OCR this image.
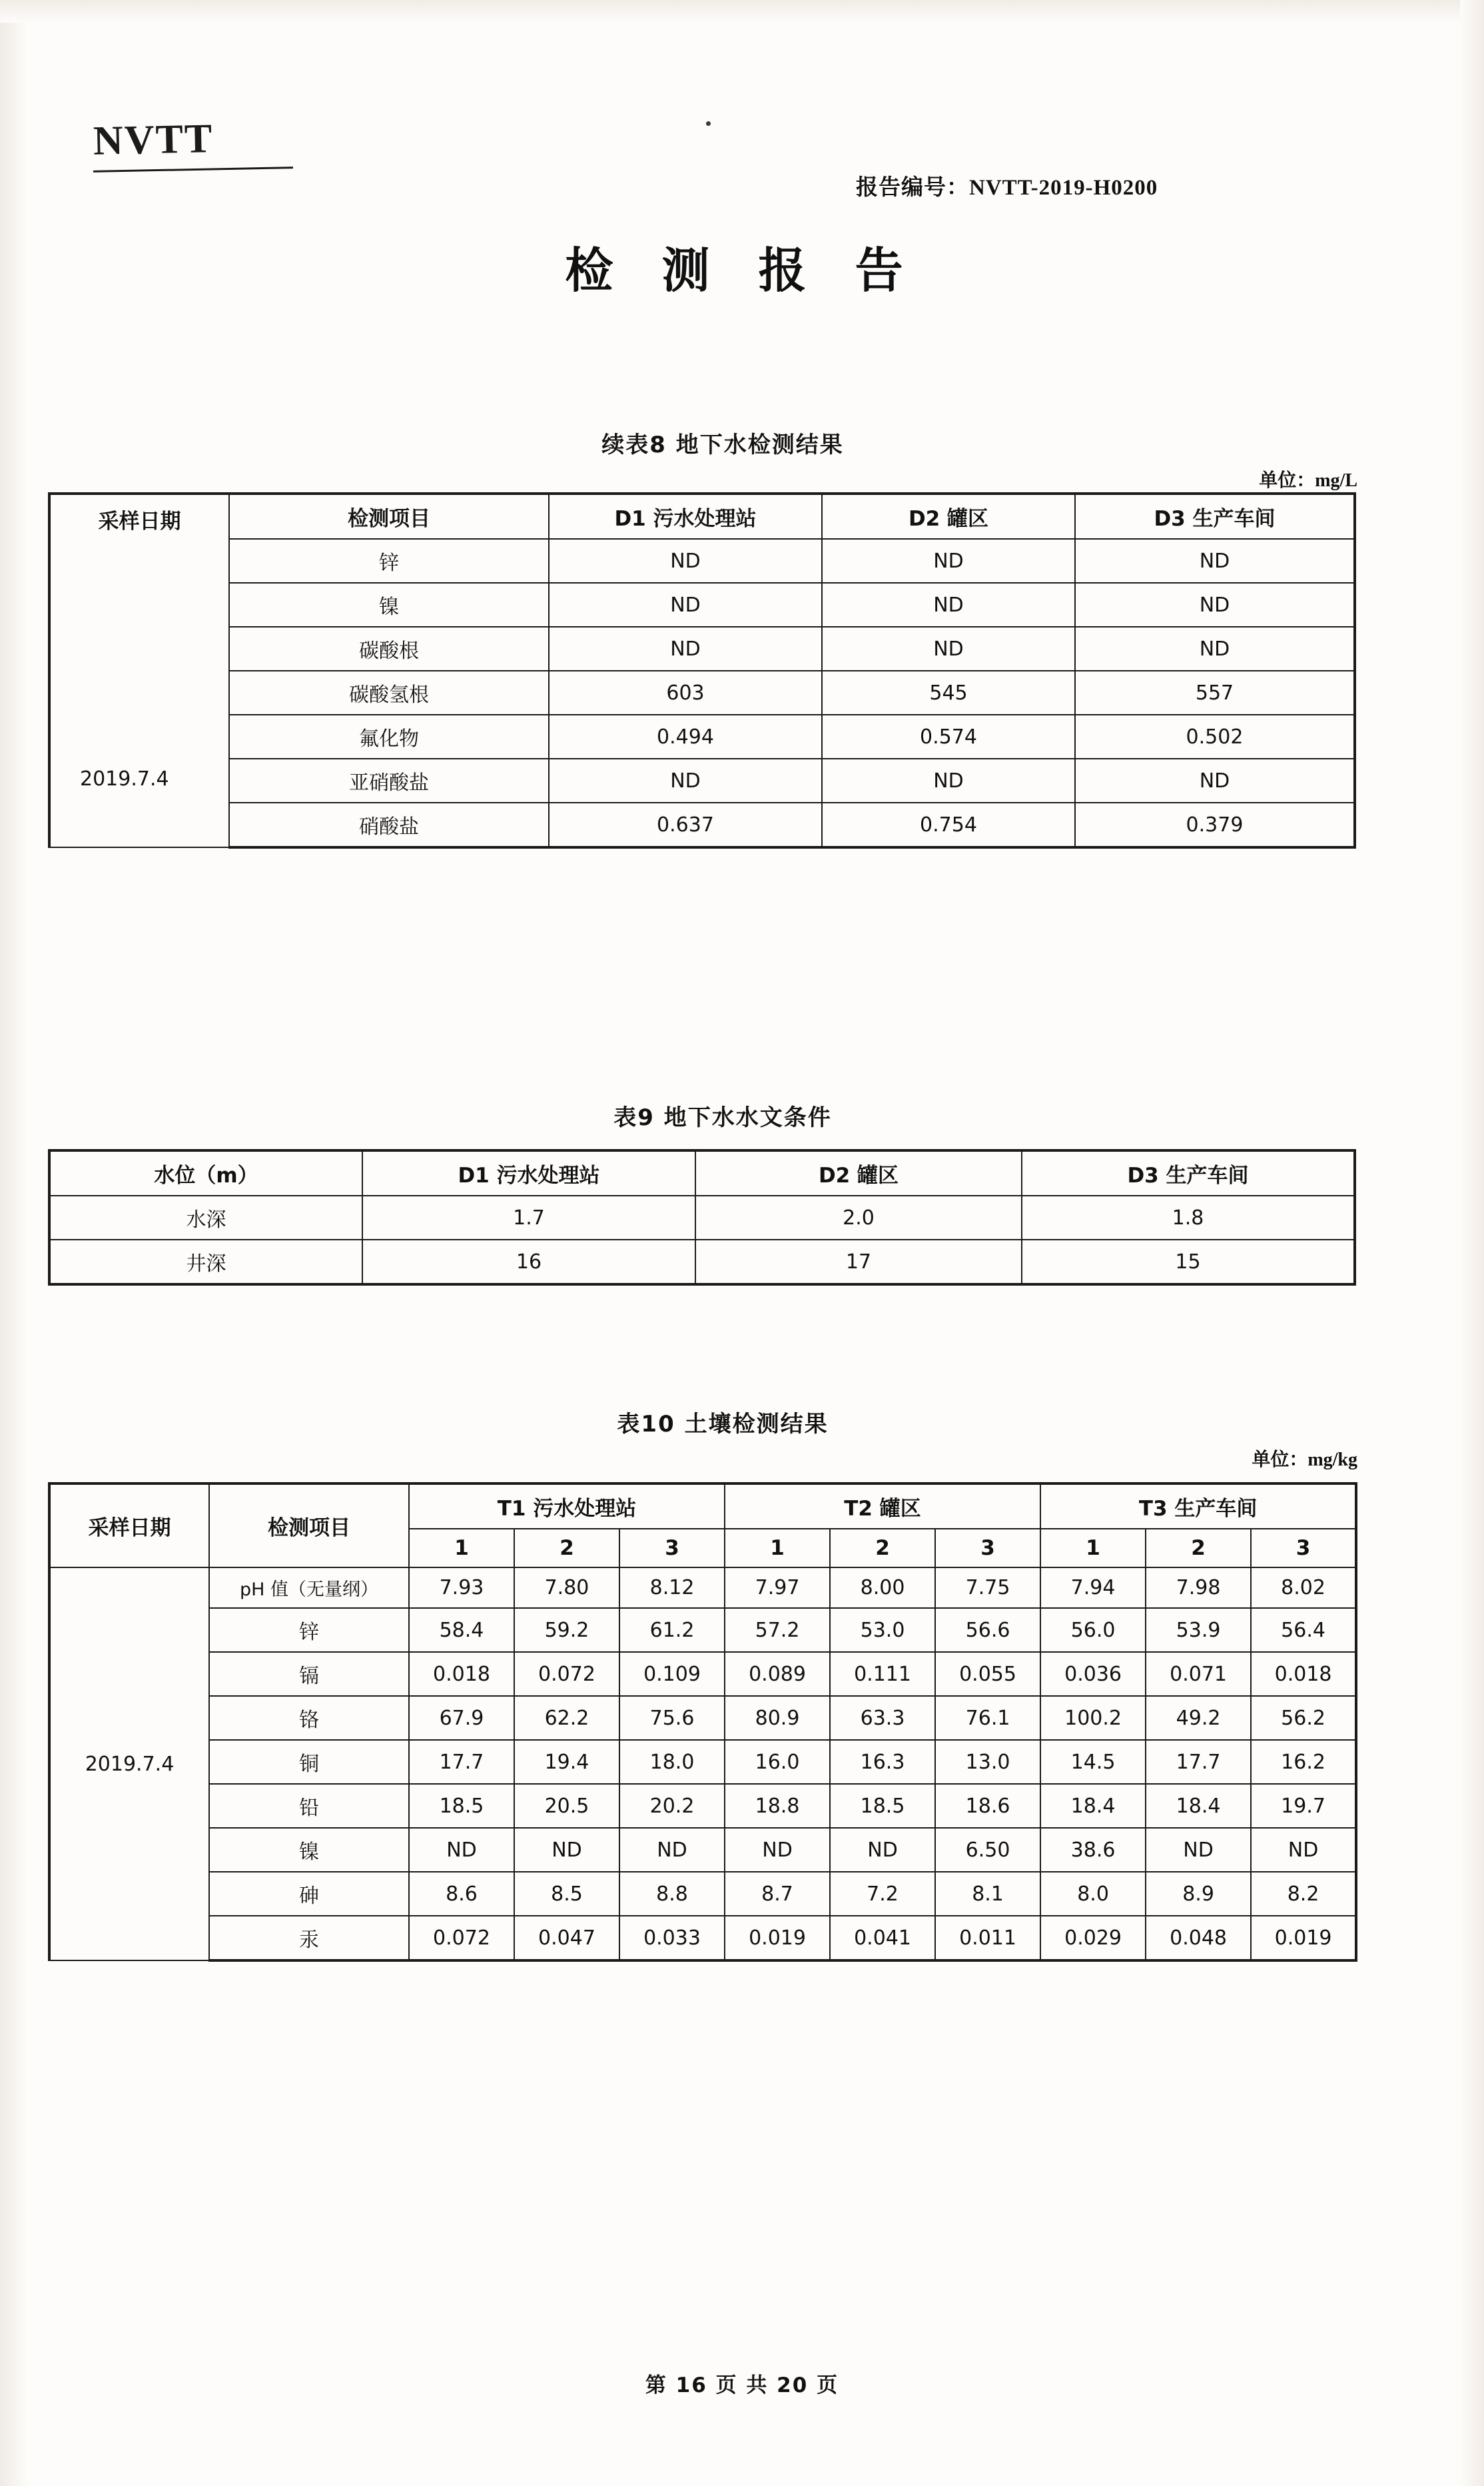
NVTT
报告编号：NVTT-2019-H0200
检 测 报 告
续表8 地下水检测结果
单位：mg/L
采样日期	检测项目	D1 污水处理站	D2 罐区	D3 生产车间
	锌	ND	ND	ND
	镍	ND	ND	ND
	碳酸根	ND	ND	ND
	碳酸氢根	603	545	557
	氟化物	0.494	0.574	0.502
	亚硝酸盐	ND	ND	ND
	硝酸盐	0.637	0.754	0.379
2019.7.4
表9 地下水水文条件
水位（m）	D1 污水处理站	D2 罐区	D3 生产车间
水深	1.7	2.0	1.8
井深	16	17	15
表10 土壤检测结果
单位：mg/kg
采样日期	检测项目	T1 污水处理站			T2 罐区			T3 生产车间		
		1	2	3	1	2	3	1	2	3
2019.7.4	pH 值（无量纲）	7.93	7.80	8.12	7.97	8.00	7.75	7.94	7.98	8.02
	锌	58.4	59.2	61.2	57.2	53.0	56.6	56.0	53.9	56.4
	镉	0.018	0.072	0.109	0.089	0.111	0.055	0.036	0.071	0.018
	铬	67.9	62.2	75.6	80.9	63.3	76.1	100.2	49.2	56.2
	铜	17.7	19.4	18.0	16.0	16.3	13.0	14.5	17.7	16.2
	铅	18.5	20.5	20.2	18.8	18.5	18.6	18.4	18.4	19.7
	镍	ND	ND	ND	ND	ND	6.50	38.6	ND	ND
	砷	8.6	8.5	8.8	8.7	7.2	8.1	8.0	8.9	8.2
	汞	0.072	0.047	0.033	0.019	0.041	0.011	0.029	0.048	0.019
第 16 页 共 20 页
